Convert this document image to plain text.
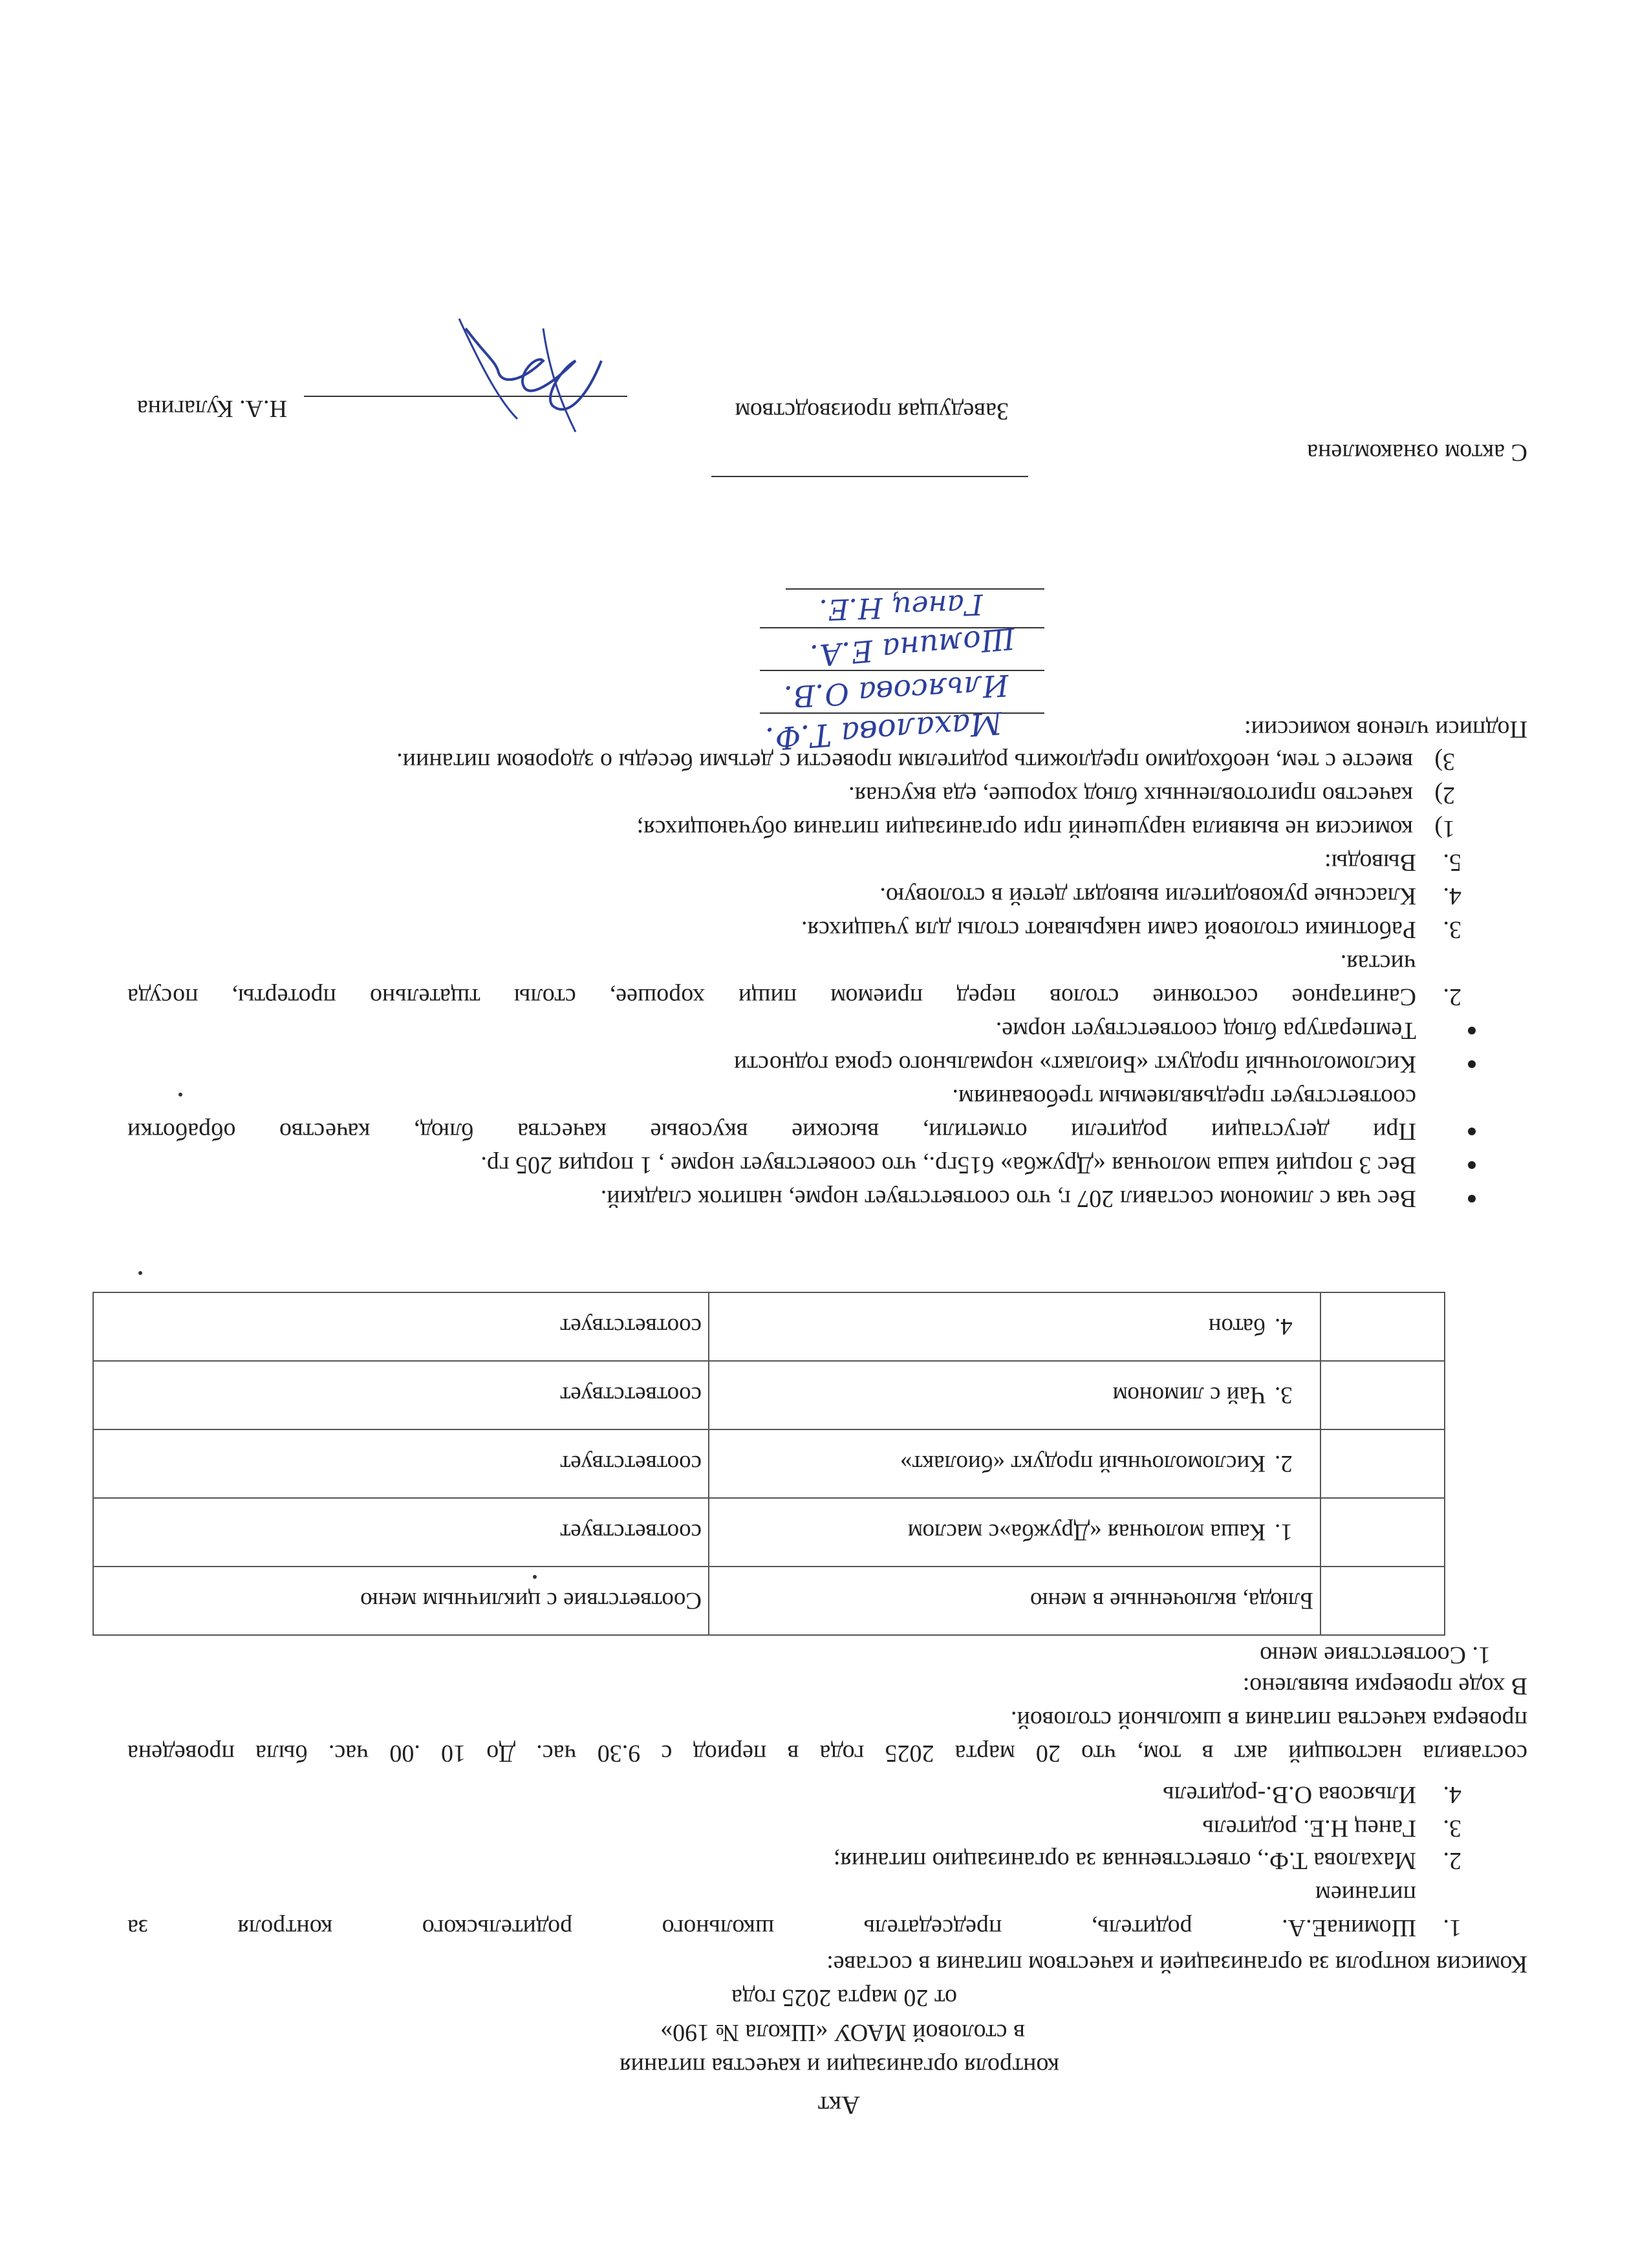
Акт
контроля организации и качества питания
в столовой МАОУ «Школа № 190»
от 20 марта 2025 года
Комисия контроля за организацией и качеством питания в составе:
1.
ШоминаЕ.А. родитель, председатель школьного родительского контроля за
питанием
2.
Махалова Т.Ф., ответственная за организацию питания;
3.
Ганец Н.Е. родитель
4.
Ильясова О.В.-родитель
составила настоящий акт в том, что 20 марта 2025 года в период с 9.30 час. До 10 .00 час. была проведена
проверка качества питания в школьной столовой.
В ходе проверки выявлено:
1. Соответствие меню
	Блюда, включенные в меню	Соответствие с цикличным меню
	1.Каша молочная «Дружба»с маслом	соответствует
	2.Кисломолочный продукт «биолакт»	соответствует
	3.Чай с лимоном	соответствует
	4.батон	соответствует
Вес чая с лимоном составил 207 г, что соответствует норме, напиток сладкий.
Вес 3 порций каша молочная «Дружба» 615гр., что сооветствует норме , 1 порция 205 гр.
При дегустации родители отметили, высокие вкусовые качества блюд, качество обработки
соответствует предъявляемым требованиям.
Кисломолочный продукт «Биолакт» нормального срока годности
Температура блюд соответствует норме.
2.
Санитарное состояние столов перед приемом пищи хорошее, столы тщательно протерты, посуда
чистая.
3.
Работники столовой сами накрывают столы для учащихся.
4.
Классные руководители выводят детей в столовую.
5.
Выводы:
1)
комиссия не выявила нарушений при организации питания обучающихся;
2)
качество приготовленных блюд хорошее, еда вкусная.
3)
вместе с тем, необходимо предложить родителям провести с детьми беседы о здоровом питании.
Подписи членов комиссии:
Махалова Т.Ф.
Ильясова О.В.
Шомина Е.А.
Ганец Н.Е.
С актом ознакомлена
Заведущая производством
Н.А. Кулагина
